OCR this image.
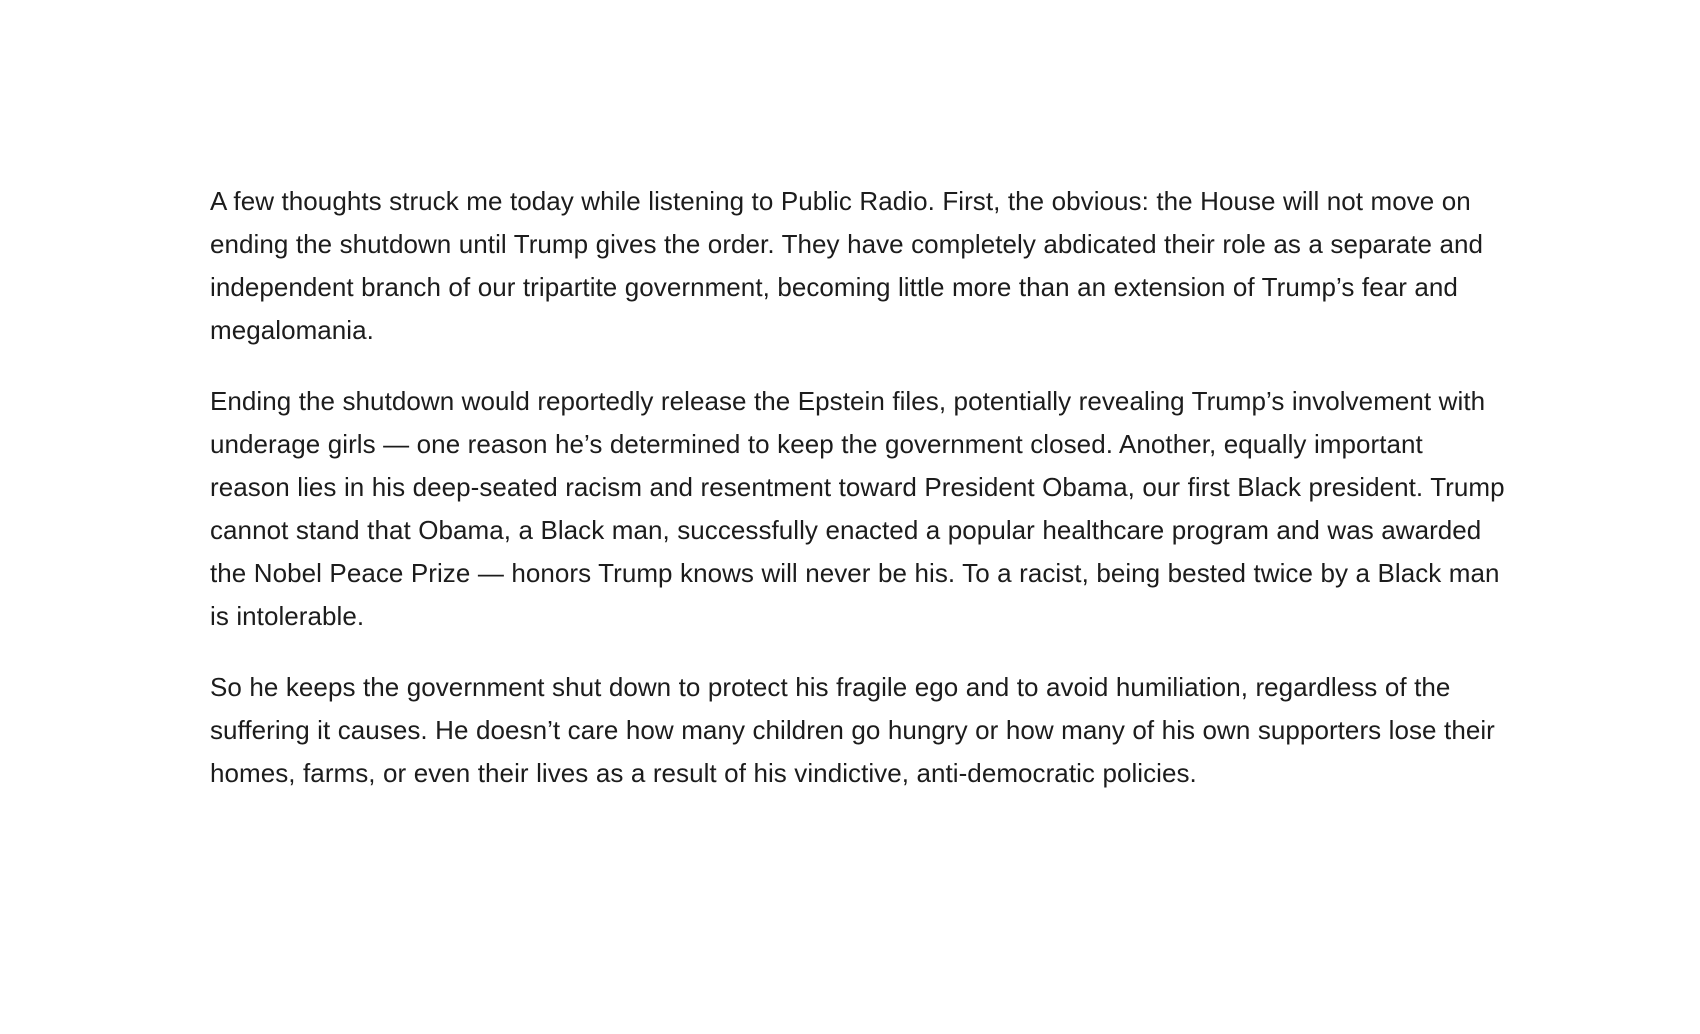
A few thoughts struck me today while listening to Public Radio. First, the obvious: the House will not move on ending the shutdown until Trump gives the order. They have completely abdicated their role as a separate and independent branch of our tripartite government, becoming little more than an extension of Trump’s fear and megalomania.

Ending the shutdown would reportedly release the Epstein files, potentially revealing Trump’s involvement with underage girls — one reason he’s determined to keep the government closed. Another, equally important reason lies in his deep-seated racism and resentment toward President Obama, our first Black president. Trump cannot stand that Obama, a Black man, successfully enacted a popular healthcare program and was awarded the Nobel Peace Prize — honors Trump knows will never be his. To a racist, being bested twice by a Black man is intolerable.

So he keeps the government shut down to protect his fragile ego and to avoid humiliation, regardless of the suffering it causes. He doesn’t care how many children go hungry or how many of his own supporters lose their homes, farms, or even their lives as a result of his vindictive, anti-democratic policies.
